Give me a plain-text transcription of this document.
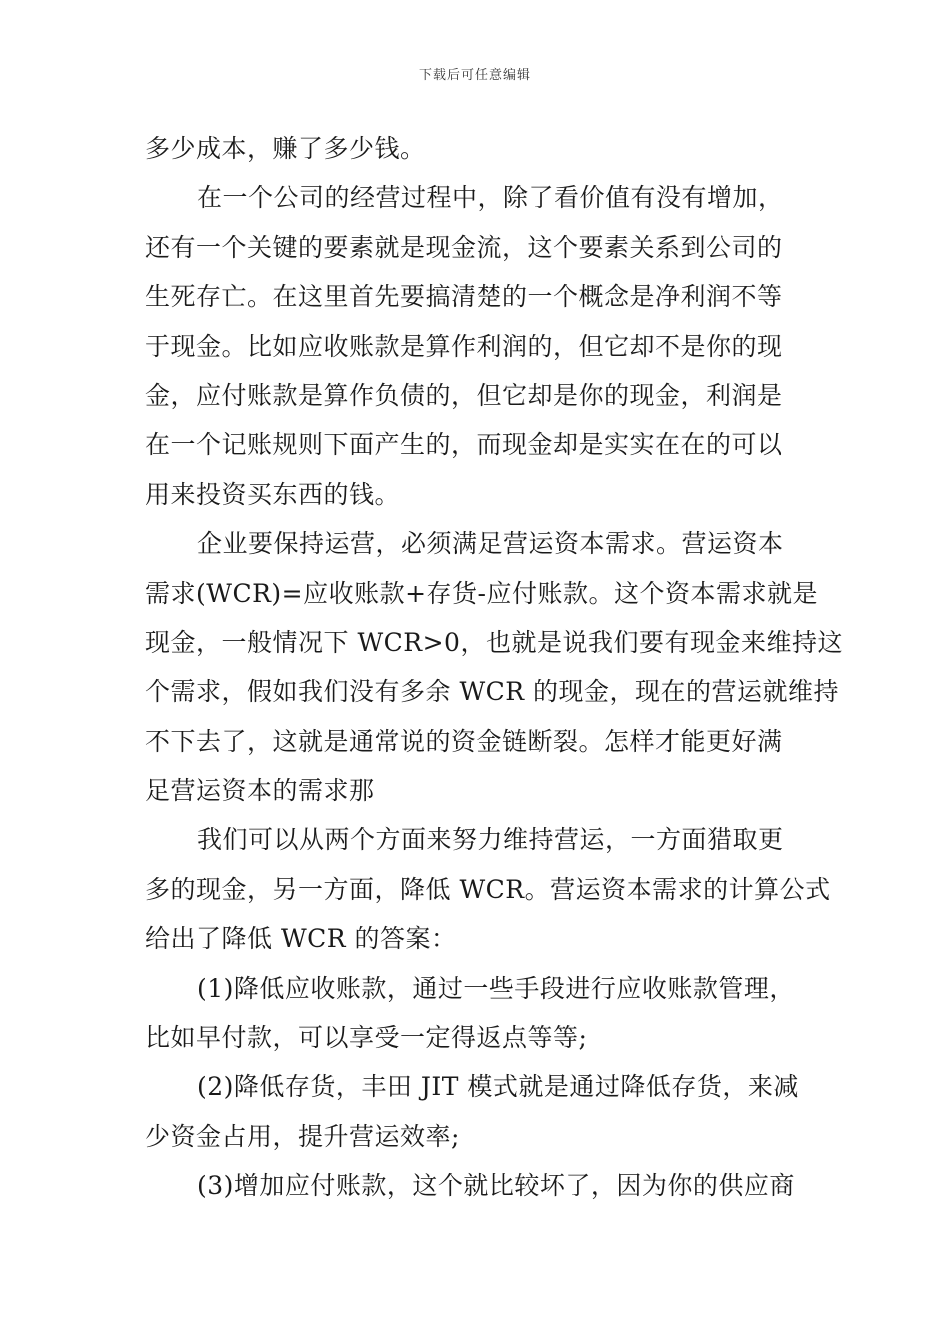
下载后可任意编辑
多少成本，赚了多少钱。
在一个公司的经营过程中，除了看价值有没有增加，
还有一个关键的要素就是现金流，这个要素关系到公司的
生死存亡。在这里首先要搞清楚的一个概念是净利润不等
于现金。比如应收账款是算作利润的，但它却不是你的现
金，应付账款是算作负债的，但它却是你的现金，利润是
在一个记账规则下面产生的，而现金却是实实在在的可以
用来投资买东西的钱。
企业要保持运营，必须满足营运资本需求。营运资本
需求(WCR)=应收账款+存货-应付账款。这个资本需求就是
现金，一般情况下 WCR>0，也就是说我们要有现金来维持这
个需求，假如我们没有多余 WCR 的现金，现在的营运就维持
不下去了，这就是通常说的资金链断裂。怎样才能更好满
足营运资本的需求那
我们可以从两个方面来努力维持营运，一方面猎取更
多的现金，另一方面，降低 WCR。营运资本需求的计算公式
给出了降低 WCR 的答案：
(1)降低应收账款，通过一些手段进行应收账款管理，
比如早付款，可以享受一定得返点等等;
(2)降低存货，丰田 JIT 模式就是通过降低存货，来减
少资金占用，提升营运效率;
(3)增加应付账款，这个就比较坏了，因为你的供应商
